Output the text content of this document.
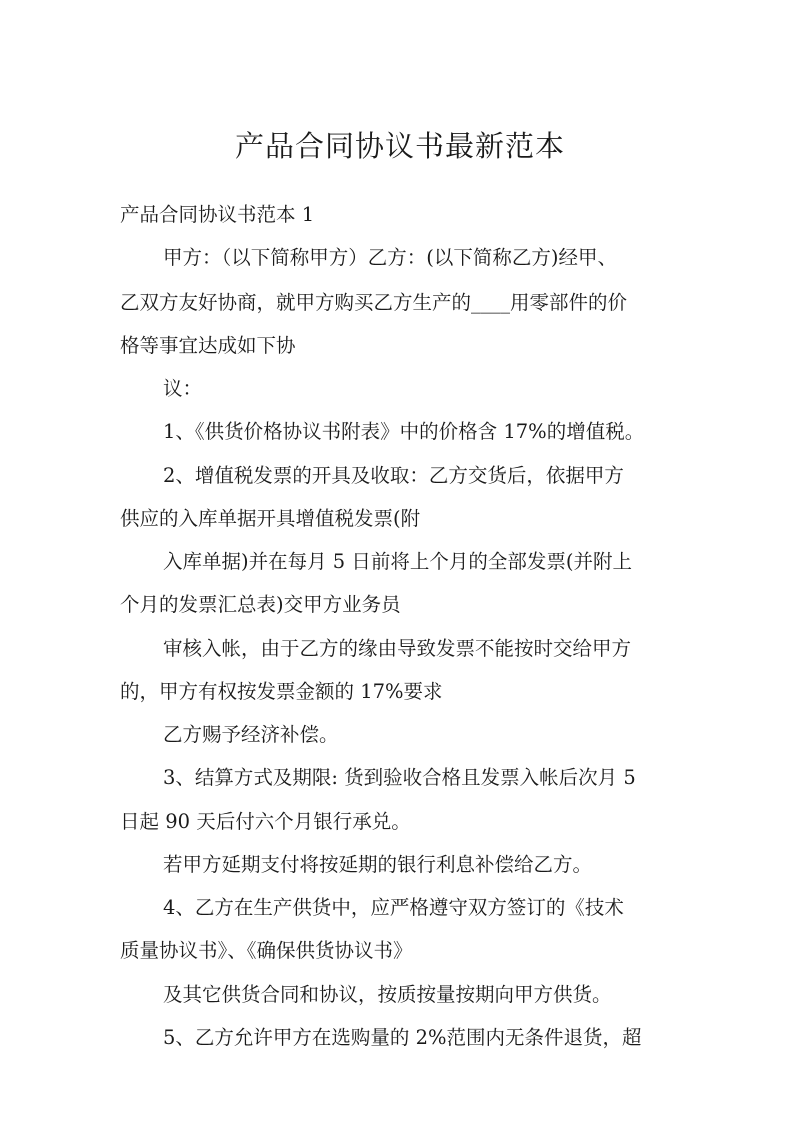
产品合同协议书最新范本

产品合同协议书范本 1

甲方：（以下简称甲方）乙方：(以下简称乙方)经甲、

乙双方友好协商，就甲方购买乙方生产的____用零部件的价

格等事宜达成如下协

议：

1、《供货价格协议书附表》中的价格含 17%的增值税。

2、增值税发票的开具及收取：乙方交货后，依据甲方

供应的入库单据开具增值税发票(附

入库单据)并在每月 5 日前将上个月的全部发票(并附上

个月的发票汇总表)交甲方业务员

审核入帐，由于乙方的缘由导致发票不能按时交给甲方

的，甲方有权按发票金额的 17%要求

乙方赐予经济补偿。

3、结算方式及期限: 货到验收合格且发票入帐后次月 5

日起 90 天后付六个月银行承兑。

若甲方延期支付将按延期的银行利息补偿给乙方。

4、乙方在生产供货中，应严格遵守双方签订的《技术

质量协议书》、《确保供货协议书》

及其它供货合同和协议，按质按量按期向甲方供货。

5、乙方允许甲方在选购量的 2%范围内无条件退货，超
